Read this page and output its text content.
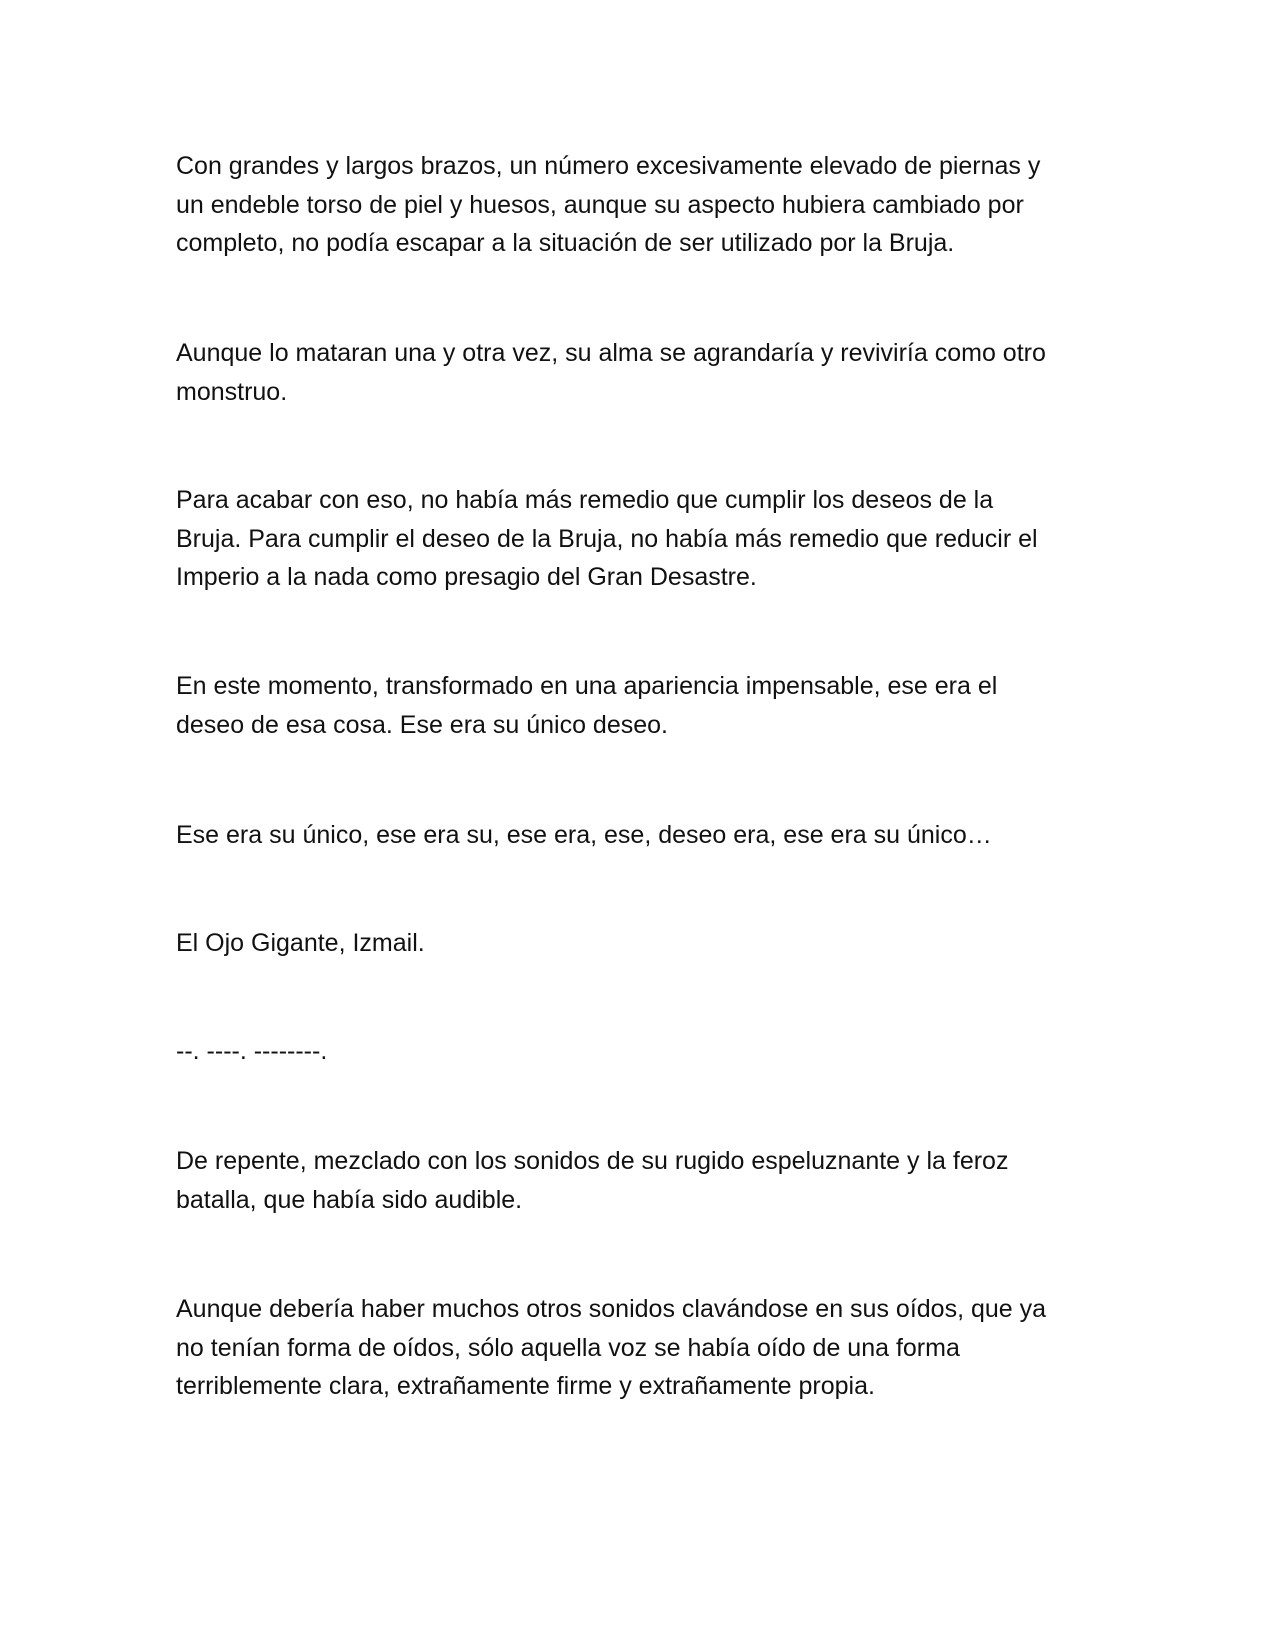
Con grandes y largos brazos, un número excesivamente elevado de piernas y
un endeble torso de piel y huesos, aunque su aspecto hubiera cambiado por
completo, no podía escapar a la situación de ser utilizado por la Bruja.

Aunque lo mataran una y otra vez, su alma se agrandaría y reviviría como otro
monstruo.

Para acabar con eso, no había más remedio que cumplir los deseos de la
Bruja. Para cumplir el deseo de la Bruja, no había más remedio que reducir el
Imperio a la nada como presagio del Gran Desastre.

En este momento, transformado en una apariencia impensable, ese era el
deseo de esa cosa. Ese era su único deseo.

Ese era su único, ese era su, ese era, ese, deseo era, ese era su único…

El Ojo Gigante, Izmail.

--. ----. --------.

De repente, mezclado con los sonidos de su rugido espeluznante y la feroz
batalla, que había sido audible.

Aunque debería haber muchos otros sonidos clavándose en sus oídos, que ya
no tenían forma de oídos, sólo aquella voz se había oído de una forma
terriblemente clara, extrañamente firme y extrañamente propia.
